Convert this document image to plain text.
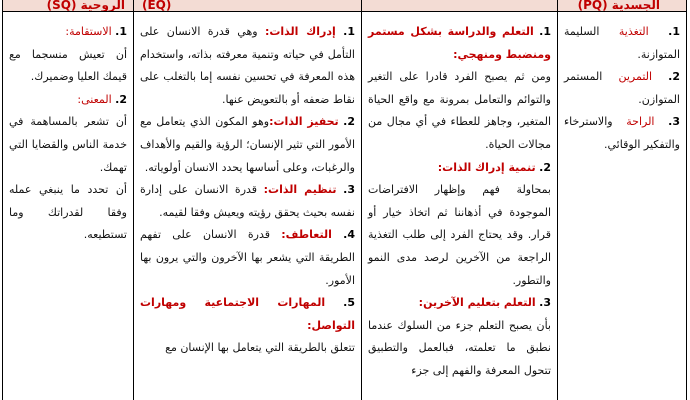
الجسدية (PQ)
1. التغذية السليمة المتوازنة.
2. التمرين المستمر المتوازن.
3. الراحة والاسترخاء والتفكير الوقائي.
1. التعلم والدراسة بشكل مستمر ومنضبط ومنهجي:
ومن ثم يصبح الفرد قادرا على التغير والتوائم والتعامل بمرونة مع واقع الحياة المتغير، وجاهز للعطاء في أي مجال من مجالات الحياة.
2. تنمية إدراك الذات:
بمحاولة فهم وإظهار الافتراضات الموجودة في أذهاننا ثم اتخاذ خيار أو قرار. وقد يحتاج الفرد إلى طلب التغذية الراجعة من الآخرين لرصد مدى النمو والتطور.
3. التعلم بتعليم الآخرين:
بأن يصبح التعلم جزء من السلوك عندما نطبق ما تعلمته، فبالعمل والتطبيق تتحول المعرفة والفهم إلى جزء
(EQ)
1. إدراك الذات: وهي قدرة الانسان على التأمل في حياته وتنمية معرفته بذاته، واستخدام هذه المعرفة في تحسين نفسه إما بالتغلب على نقاط ضعفه أو بالتعويض عنها.
2. تحفيز الذات:وهو المكون الذي يتعامل مع الأمور التي تثير الإنسان؛ الرؤية والقيم والأهداف والرغبات، وعلى أساسها يحدد الانسان أولوياته.
3. تنظيم الذات: قدرة الانسان على إدارة نفسه بحيث يحقق رؤيته ويعيش وفقا لقيمه.
4. التعاطف: قدرة الانسان على تفهم الطريقة التي يشعر بها الآخرون والتي يرون بها الأمور.
5. المهارات الاجتماعية ومهارات التواصل:
تتعلق بالطريقة التي يتعامل بها الإنسان مع
الروحية (SQ)
1. الاستقامة:
أن تعيش منسجما مع قيمك العليا وضميرك.
2. المعنى:
أن تشعر بالمساهمة في خدمة الناس والقضايا التي تهمك.
أن تحدد ما ينبغي عمله وفقا لقدراتك وما تستطيعه.
